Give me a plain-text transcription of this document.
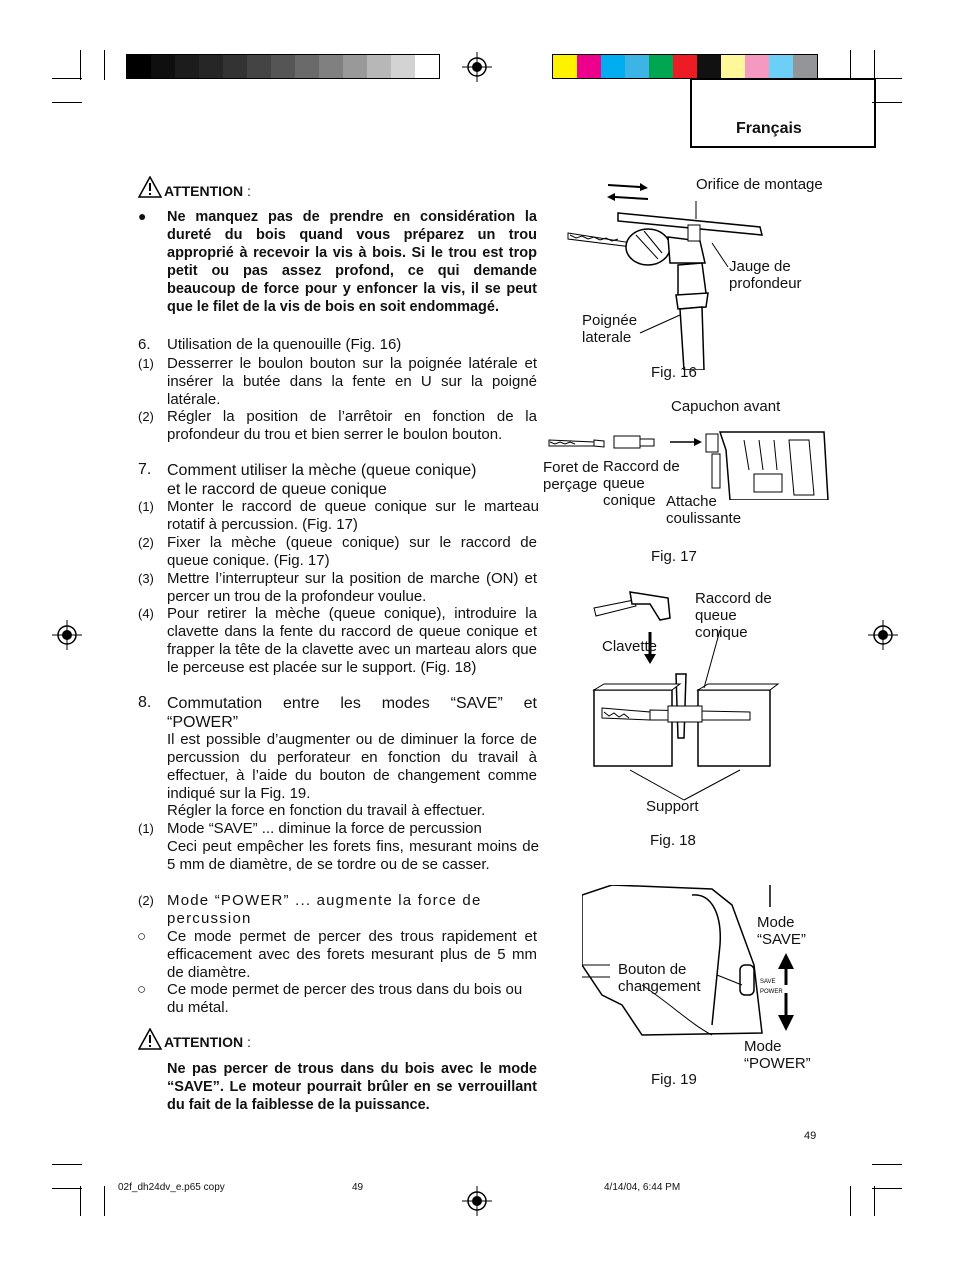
Français
ATTENTION :
● Ne manquez pas de prendre en considération la dureté du bois quand vous préparez un trou approprié à recevoir la vis à bois. Si le trou est trop petit ou pas assez profond, ce qui demande beaucoup de force pour y enfoncer la vis, il se peut que le filet de la vis de bois en soit endommagé.
6. Utilisation de la quenouille (Fig. 16)
(1) Desserrer le boulon bouton sur la poignée latérale et insérer la butée dans la fente en U sur la poigné latérale.
(2) Régler la position de l’arrêtoir en fonction de la profondeur du trou et bien serrer le boulon bouton.
7. Comment utiliser la mèche (queue conique)
et le raccord de queue conique
(1) Monter le raccord de queue conique sur le marteau rotatif à percussion. (Fig. 17)
(2) Fixer la mèche (queue conique) sur le raccord de queue conique. (Fig. 17)
(3) Mettre l’interrupteur sur la position de marche (ON) et percer un trou de la profondeur voulue.
(4) Pour retirer la mèche (queue conique), introduire la clavette dans la fente du raccord de queue conique et frapper la tête de la clavette avec un marteau alors que le perceuse est placée sur le support. (Fig. 18)
8. Commutation entre les modes “SAVE” et
“POWER”
Il est possible d’augmenter ou de diminuer la force de percussion du perforateur en fonction du travail à effectuer, à l’aide du bouton de changement comme indiqué sur la Fig. 19.
Régler la force en fonction du travail à effectuer.
(1) Mode “SAVE” ... diminue la force de percussion
Ceci peut empêcher les forets fins, mesurant moins de 5 mm de diamètre, de se tordre ou de se casser.
(2) Mode “POWER” ... augmente la force de percussion
○ Ce mode permet de percer des trous rapidement et efficacement avec des forets mesurant plus de 5 mm de diamètre.
○ Ce mode permet de percer des trous dans du bois ou du métal.
ATTENTION :
Ne pas percer de trous dans du bois avec le mode “SAVE”. Le moteur pourrait brûler en se verrouillant du fait de la faiblesse de la puissance.
Orifice de montage
Jauge de profondeur
Poignée laterale
Fig. 16
Capuchon avant
Foret de perçage
Raccord de queue conique Attache coulissante
Fig. 17
Raccord de queue conique
Clavette
Support
Fig. 18
SAVE
POWER
Mode “SAVE”
Bouton de changement
Mode “POWER”
Fig. 19
49
02f_dh24dv_e.p65 copy	49	4/14/04, 6:44 PM
